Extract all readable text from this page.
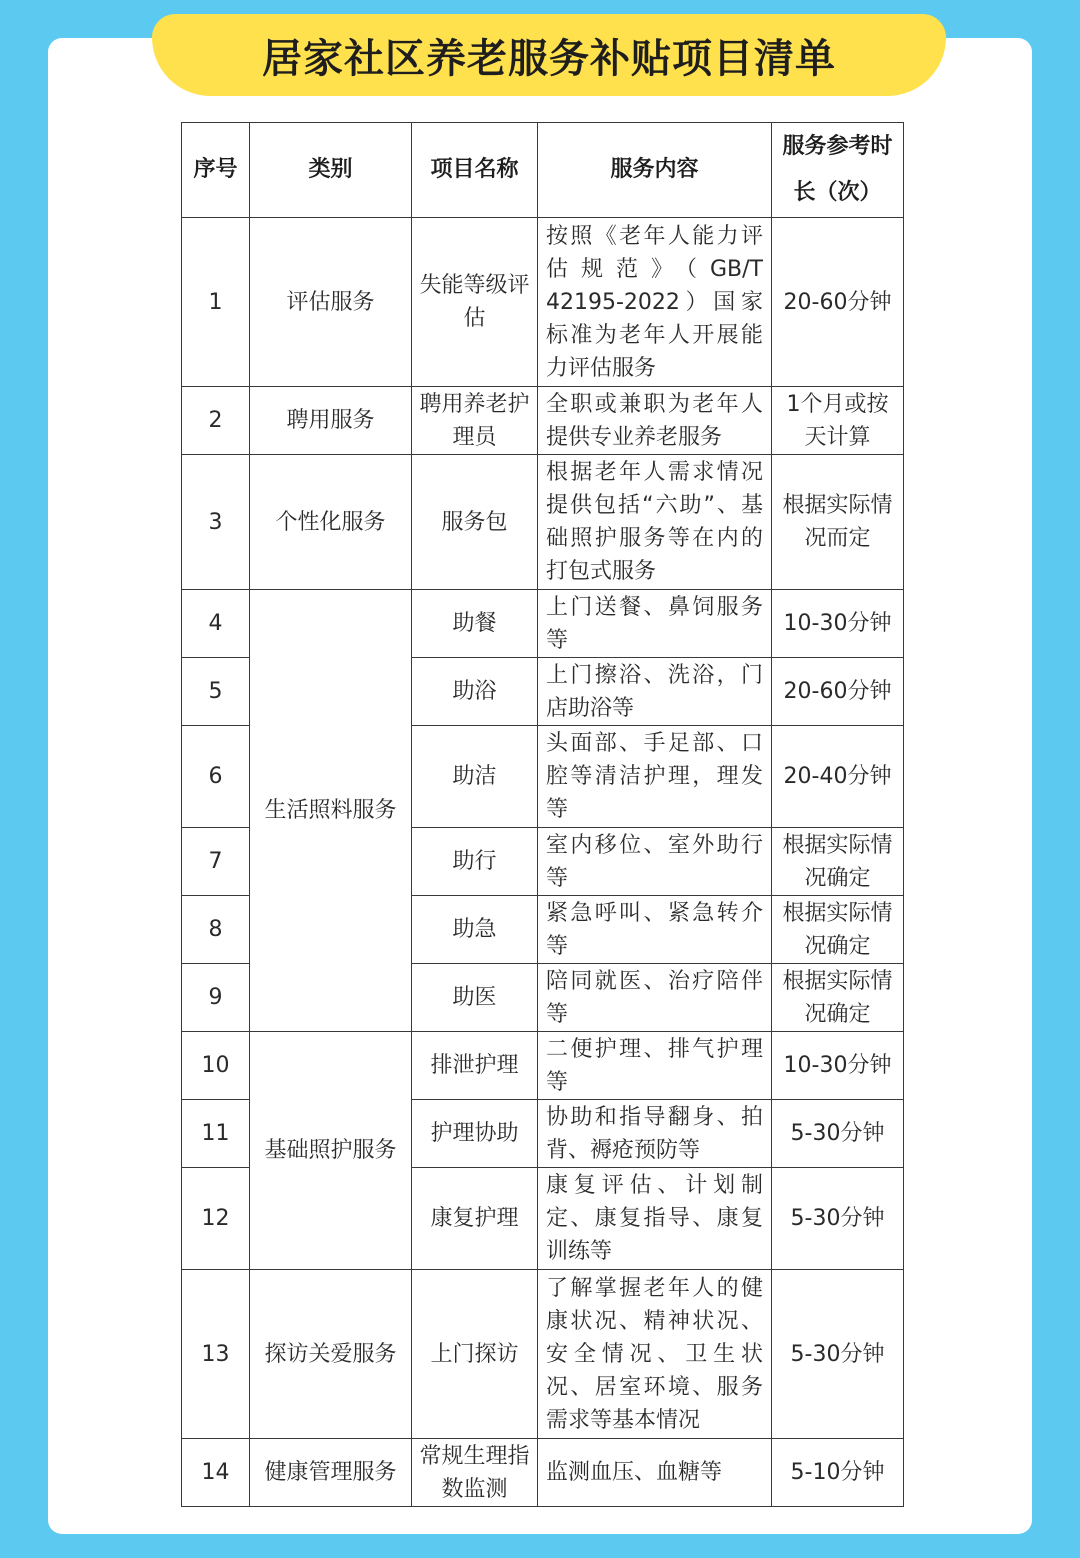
居家社区养老服务补贴项目清单
序号	类别	项目名称	服务内容	服务参考时长（次）
1	评估服务	失能等级评估	按照《老年人能力评估规范》（GB/T 42195-2022）国家标准为老年人开展能力评估服务	20-60分钟
2	聘用服务	聘用养老护理员	全职或兼职为老年人提供专业养老服务	1个月或按天计算
3	个性化服务	服务包	根据老年人需求情况提供包括“六助”、基础照护服务等在内的打包式服务	根据实际情况而定
4	生活照料服务	助餐	上门送餐、鼻饲服务等	10-30分钟
5		助浴	上门擦浴、洗浴，门店助浴等	20-60分钟
6		助洁	头面部、手足部、口腔等清洁护理，理发等	20-40分钟
7		助行	室内移位、室外助行等	根据实际情况确定
8		助急	紧急呼叫、紧急转介等	根据实际情况确定
9		助医	陪同就医、治疗陪伴等	根据实际情况确定
10	基础照护服务	排泄护理	二便护理、排气护理等	10-30分钟
11		护理协助	协助和指导翻身、拍背、褥疮预防等	5-30分钟
12		康复护理	康复评估、计划制定、康复指导、康复训练等	5-30分钟
13	探访关爱服务	上门探访	了解掌握老年人的健康状况、精神状况、安全情况、卫生状况、居室环境、服务需求等基本情况	5-30分钟
14	健康管理服务	常规生理指数监测	监测血压、血糖等	5-10分钟
